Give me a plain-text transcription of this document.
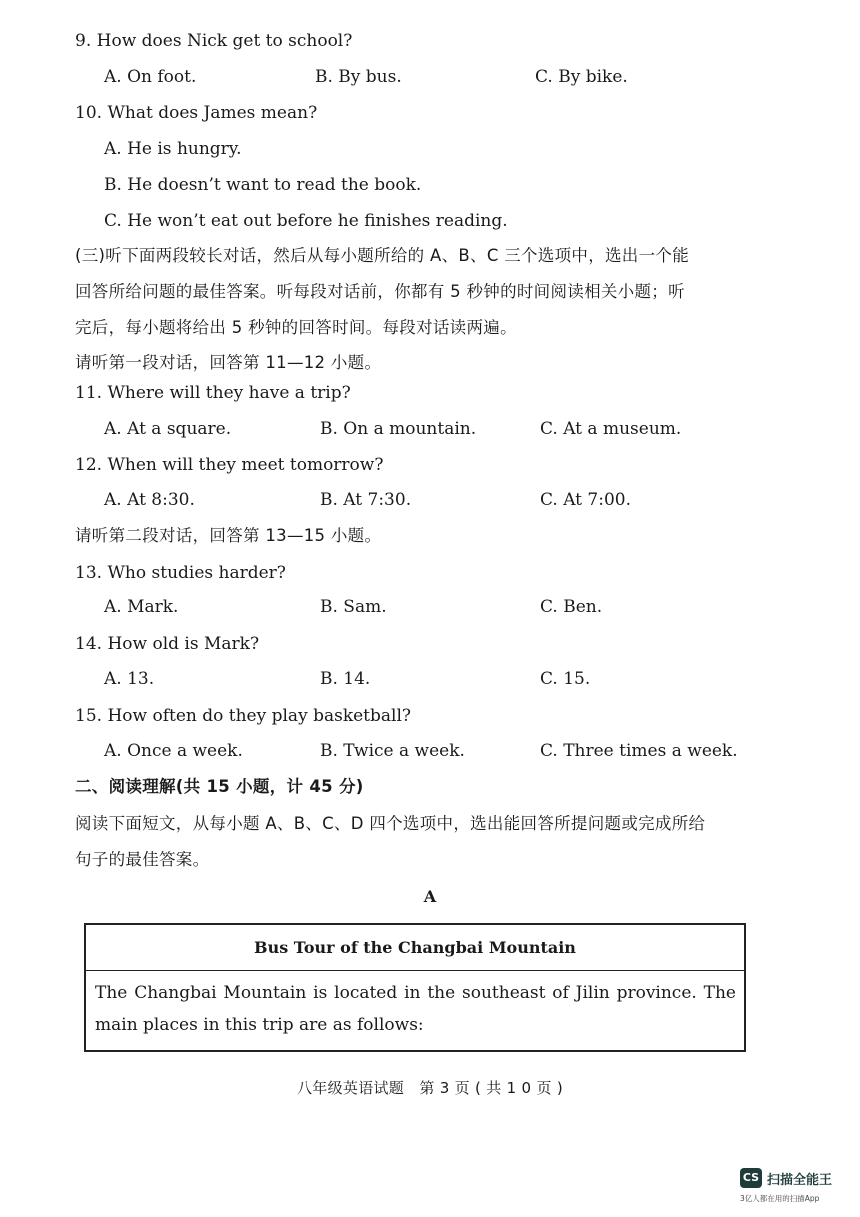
9. How does Nick get to school?
A. On foot.	B. By bus.	C. By bike.
10. What does James mean?
A. He is hungry.
B. He doesn’t want to read the book.
C. He won’t eat out before he finishes reading.
(三)听下面两段较长对话，然后从每小题所给的 A、B、C 三个选项中，选出一个能
回答所给问题的最佳答案。听每段对话前，你都有 5 秒钟的时间阅读相关小题；听
完后，每小题将给出 5 秒钟的回答时间。每段对话读两遍。
请听第一段对话，回答第 11—12 小题。
11. Where will they have a trip?
A. At a square.	B. On a mountain.	C. At a museum.
12. When will they meet tomorrow?
A. At 8:30.	B. At 7:30.	C. At 7:00.
请听第二段对话，回答第 13—15 小题。
13. Who studies harder?
A. Mark.	B. Sam.	C. Ben.
14. How old is Mark?
A. 13.	B. 14.	C. 15.
15. How often do they play basketball?
A. Once a week.	B. Twice a week.	C. Three times a week.
二、阅读理解(共 15 小题，计 45 分)
阅读下面短文，从每小题 A、B、C、D 四个选项中，选出能回答所提问题或完成所给
句子的最佳答案。
A
Bus Tour of the Changbai Mountain
The Changbai Mountain is located in the southeast of Jilin province. The main places in this trip are as follows:
八年级英语试题　第 3 页 ( 共 1 0 页 )
CS 扫描全能王
3亿人都在用的扫描App
